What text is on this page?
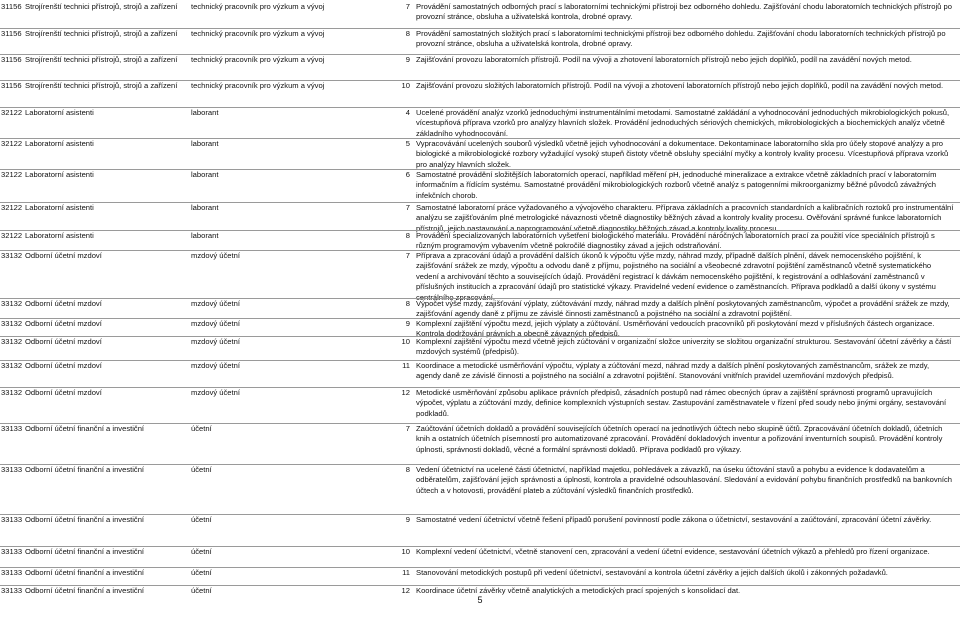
31156 Strojírenští technici přístrojů, strojů a zařízení	technický pracovník pro výzkum a vývoj	7 Provádění samostatných odborných prací s laboratorními technickými přístroji bez odborného dohledu. Zajišťování chodu laboratorních technických přístrojů po provozní stránce, obsluha a uživatelská kontrola, drobné opravy.
31156 Strojírenští technici přístrojů, strojů a zařízení	technický pracovník pro výzkum a vývoj	8 Provádění samostatných složitých prací s laboratorními technickými přístroji bez odborného dohledu. Zajišťování chodu laboratorních technických přístrojů po provozní stránce, obsluha a uživatelská kontrola, drobné opravy.
31156 Strojírenští technici přístrojů, strojů a zařízení	technický pracovník pro výzkum a vývoj	9 Zajišťování provozu laboratorních přístrojů. Podíl na vývoji a zhotovení laboratorních přístrojů nebo jejich doplňků, podíl na zavádění nových metod.
31156 Strojírenští technici přístrojů, strojů a zařízení	technický pracovník pro výzkum a vývoj	10 Zajišťování provozu složitých laboratorních přístrojů. Podíl na vývoji a zhotovení laboratorních přístrojů nebo jejich doplňků, podíl na zavádění nových metod.
32122 Laboratorní asistenti	laborant	4 Ucelené provádění analýz vzorků jednoduchými instrumentálními metodami. Samostatné zakládání a vyhodnocování jednoduchých mikrobiologických pokusů, vícestupňová příprava vzorků pro analýzy hlavních složek. Provádění jednoduchých sériových chemických, mikrobiologických a biochemických analýz včetně základního vyhodnocování.
32122 Laboratorní asistenti	laborant	5 Vypracovávání ucelených souborů výsledků včetně jejich vyhodnocování a dokumentace. Dekontaminace laboratorního skla pro účely stopové analýzy a pro biologické a mikrobiologické rozbory vyžadující vysoký stupeň čistoty včetně obsluhy speciální myčky a kontroly kvality procesu. Vícestupňová příprava vzorků pro analýzy hlavních složek.
32122 Laboratorní asistenti	laborant	6 Samostatné provádění složitějších laboratorních operací, například měření pH, jednoduché mineralizace a extrakce včetně základních prací v laboratorním informačním a řídícím systému. Samostatné provádění mikrobiologických rozborů včetně analýz s patogenními mikroorganizmy běžné původců závažných infekčních chorob.
32122 Laboratorní asistenti	laborant	7 Samostatné laboratorní práce vyžadovaného a vývojového charakteru. Příprava základních a pracovních standardních a kalibračních roztoků pro instrumentální analýzu se zajišťováním plné metrologické návaznosti včetně diagnostiky běžných závad a kontroly kvality procesu. Ověřování správné funkce laboratorních přístrojů, jejich nastavování a naprogramování včetně diagnostiky běžných závad a kontroly kvality procesu.
32122 Laboratorní asistenti	laborant	8 Provádění specializovaných laboratorních vyšetření biologického materiálu. Provádění náročných laboratorních prací za použití více speciálních přístrojů s různým programovým vybavením včetně pokročilé diagnostiky závad a jejich odstraňování.
33132 Odborní účetní mzdoví	mzdový účetní	7 Příprava a zpracování údajů a provádění dalších úkonů k výpočtu výše mzdy, náhrad mzdy, případně dalších plnění, dávek nemocenského pojištění, k zajišťování srážek ze mzdy, výpočtu a odvodu daně z příjmu, pojistného na sociální a všeobecné zdravotní pojištění zaměstnanců včetně systematického vedení a archivování těchto a souvisejících údajů. Provádění registrací k dávkám nemocenského pojištění, k registrování a odhlašování zaměstnanců v příslušných institucích a zpracování údajů pro statistické výkazy. Pravidelné vedení evidence o zaměstnancích. Příprava podkladů a další úkony v systému centrálního zpracování.
33132 Odborní účetní mzdoví	mzdový účetní	8 Výpočet výše mzdy, zajišťování výplaty, zúčtovávání mzdy, náhrad mzdy a dalších plnění poskytovaných zaměstnancům, výpočet a provádění srážek ze mzdy, zajišťování agendy daně z příjmu ze závislé činnosti zaměstnanců a pojistného na sociální a zdravotní pojištění.
33132 Odborní účetní mzdoví	mzdový účetní	9 Komplexní zajištění výpočtu mezd, jejich výplaty a zúčtování. Usměrňování vedoucích pracovníků při poskytování mezd v příslušných částech organizace. Kontrola dodržování právních a obecně závazných předpisů.
33132 Odborní účetní mzdoví	mzdový účetní	10 Komplexní zajištění výpočtu mezd včetně jejich zúčtování v organizační složce univerzity se složitou organizační strukturou. Sestavování účetní závěrky a částí mzdových systémů (předpisů).
33132 Odborní účetní mzdoví	mzdový účetní	11 Koordinace a metodické usměrňování výpočtu, výplaty a zúčtování mezd, náhrad mzdy a dalších plnění poskytovaných zaměstnancům, srážek ze mzdy, agendy daně ze závislé činnosti a pojistného na sociální a zdravotní pojištění. Stanovování vnitřních pravidel uzemňování mzdových předpisů.
33132 Odborní účetní mzdoví	mzdový účetní	12 Metodické usměrňování způsobu aplikace právních předpisů, zásadních postupů nad rámec obecných úprav a zajištění správnosti programů upravujících výpočet, výplatu a zúčtování mzdy, definice komplexních výstupních sestav. Zastupování zaměstnavatele v řízení před soudy nebo jinými orgány, sestavování podkladů.
33133 Odborní účetní finanční a investiční	účetní	7 Zaúčtování účetních dokladů a provádění souvisejících účetních operací na jednotlivých účtech nebo skupině účtů. Zpracovávání účetních dokladů, účetních knih a ostatních účetních písemností pro automatizované zpracování. Provádění dokladových inventur a pořizování inventurních soupisů. Provádění kontroly úplnosti, správnosti dokladů, věcné a formální správnosti dokladů. Příprava podkladů pro výkazy.
33133 Odborní účetní finanční a investiční	účetní	8 Vedení účetnictví na ucelené části účetnictví, například majetku, pohledávek a závazků, na úseku účtování stavů a pohybu a evidence k dodavatelům a odběratelům, zajišťování jejich správnosti a úplnosti, kontrola a pravidelné odsouhlasování. Sledování a evidování pohybu finančních prostředků na bankovních účtech a v hotovosti, provádění plateb a zúčtování výsledků finančních prostředků.
33133 Odborní účetní finanční a investiční	účetní	9 Samostatné vedení účetnictví včetně řešení případů porušení povinností podle zákona o účetnictví, sestavování a zaúčtování, zpracování účetní závěrky.
33133 Odborní účetní finanční a investiční	účetní	10 Komplexní vedení účetnictví, včetně stanovení cen, zpracování a vedení účetní evidence, sestavování účetních výkazů a přehledů pro řízení organizace.
33133 Odborní účetní finanční a investiční	účetní	11 Stanovování metodických postupů při vedení účetnictví, sestavování a kontrola účetní závěrky a jejich dalších úkolů i zákonných požadavků.
33133 Odborní účetní finanční a investiční	účetní	12 Koordinace účetní závěrky včetně analytických a metodických prací spojených s konsolidací dat.
5
